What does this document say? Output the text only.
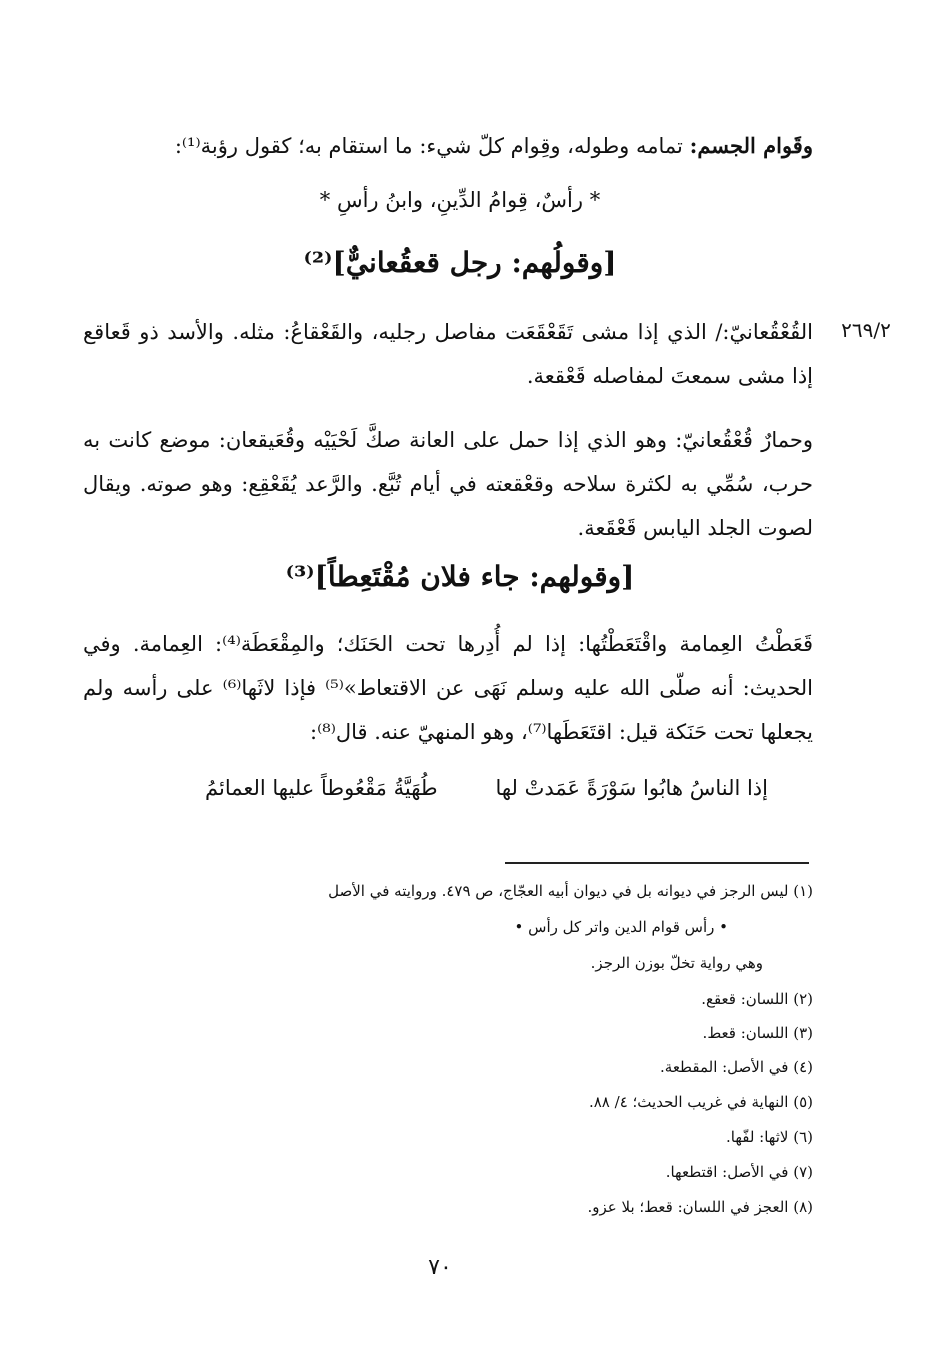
وقَوام الجسم: تمامه وطوله، وقِوام كلّ شيء: ما استقام به؛ كقول رؤبة⁽¹⁾:
* رأسٌ، قِوامُ الدِّينِ، وابنُ رأسِ *
[وقولُهم: رجل قعقُعانيٌّ]⁽²⁾
٢٦٩/٢
القُعْقُعانيّ:/ الذي إذا مشى تَقَعْقَعَت مفاصل رجليه، والقَعْقاعُ: مثله. والأسد ذو قَعاقع إذا مشى سمعتَ لمفاصله قَعْقعة.
وحمارٌ قُعْقُعانيّ: وهو الذي إذا حمل على العانة صكَّ لَحْيَيْه وقُعَيقعان: موضع كانت به حرب، سُمِّي به لكثرة سلاحه وقعْقعته في أيام تُبَّع. والرَّعد يُقَعْقِع: وهو صوته. ويقال لصوت الجلد اليابس قَعْقَعة.
[وقولهم: جاء فلان مُقْتَعِطاً]⁽³⁾
قَعَطْتُ العِمامة واقْتَعَطْتُها: إذا لم أُدِرها تحت الحَنَك؛ والمِقْعَطَة⁽⁴⁾: العِمامة. وفي الحديث: أنه صلّى الله عليه وسلم نَهَى عن الاقتعاط»⁽⁵⁾ فإذا لاثَها⁽⁶⁾ على رأسه ولم يجعلها تحت حَنَكة قيل: اقتَعَطَها⁽⁷⁾، وهو المنهيّ عنه. قال⁽⁸⁾:
إذا الناسُ هابُوا سَوْرَةً عَمَدتْ لها
طُهَيَّةُ مَقْعُوطاً عليها العمائمُ
(١) ليس الرجز في ديوانه بل في ديوان أبيه العجّاج، ص ٤٧٩. وروايته في الأصل
• رأس قوام الدين واتر كل رأس •
وهي رواية تخلّ بوزن الرجز.
(٢) اللسان: قعقع.
(٣) اللسان: قعط.
(٤) في الأصل: المقطعة.
(٥) النهاية في غريب الحديث؛ ٤/ ٨٨.
(٦) لاثها: لفّها.
(٧) في الأصل: اقتطعها.
(٨) العجز في اللسان: قعط؛ بلا عزو.
٧٠
